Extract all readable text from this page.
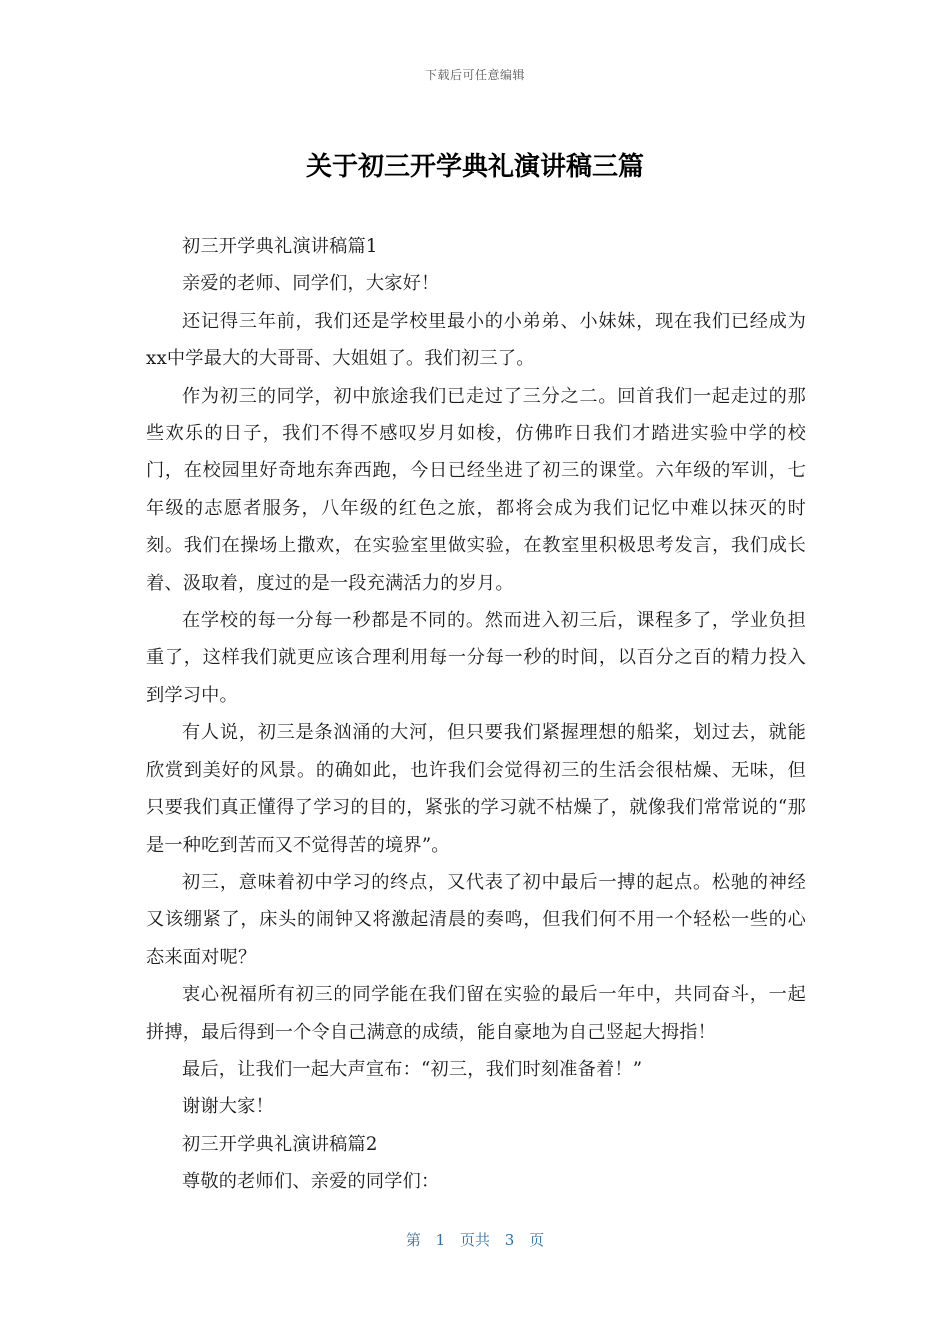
下载后可任意编辑
关于初三开学典礼演讲稿三篇

初三开学典礼演讲稿篇1

亲爱的老师、同学们，大家好！

还记得三年前，我们还是学校里最小的小弟弟、小妹妹，现在我们已经成为xx中学最大的大哥哥、大姐姐了。我们初三了。

作为初三的同学，初中旅途我们已走过了三分之二。回首我们一起走过的那些欢乐的日子，我们不得不感叹岁月如梭，仿佛昨日我们才踏进实验中学的校门，在校园里好奇地东奔西跑，今日已经坐进了初三的课堂。六年级的军训，七年级的志愿者服务，八年级的红色之旅，都将会成为我们记忆中难以抹灭的时刻。我们在操场上撒欢，在实验室里做实验，在教室里积极思考发言，我们成长着、汲取着，度过的是一段充满活力的岁月。

在学校的每一分每一秒都是不同的。然而进入初三后，课程多了，学业负担重了，这样我们就更应该合理利用每一分每一秒的时间，以百分之百的精力投入到学习中。

有人说，初三是条汹涌的大河，但只要我们紧握理想的船桨，划过去，就能欣赏到美好的风景。的确如此，也许我们会觉得初三的生活会很枯燥、无味，但只要我们真正懂得了学习的目的，紧张的学习就不枯燥了，就像我们常常说的“那是一种吃到苦而又不觉得苦的境界”。

初三，意味着初中学习的终点，又代表了初中最后一搏的起点。松驰的神经又该绷紧了，床头的闹钟又将激起清晨的奏鸣，但我们何不用一个轻松一些的心态来面对呢？

衷心祝福所有初三的同学能在我们留在实验的最后一年中，共同奋斗，一起拼搏，最后得到一个令自己满意的成绩，能自豪地为自己竖起大拇指！

最后，让我们一起大声宣布：“初三，我们时刻准备着！”

谢谢大家！

初三开学典礼演讲稿篇2

尊敬的老师们、亲爱的同学们：

第 1 页共 3 页
